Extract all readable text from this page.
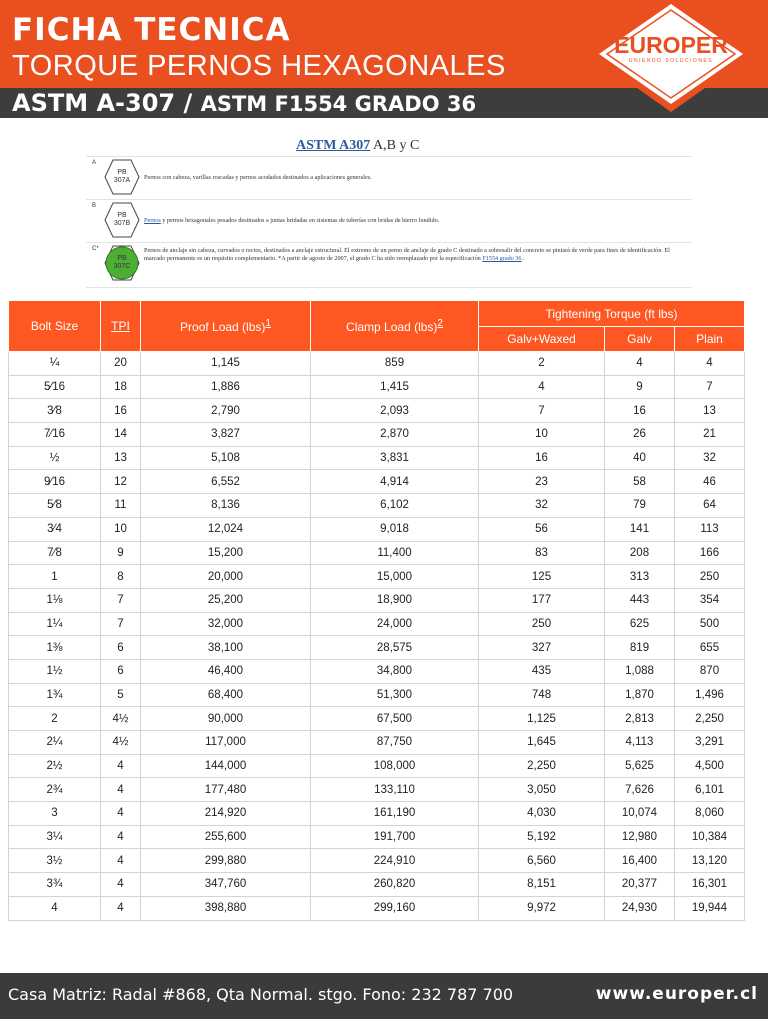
FICHA TECNICA
TORQUE PERNOS HEXAGONALES
ASTM A-307 / ASTM F1554 GRADO 36
EUROPER
UNIENDO SOLUCIONES
ASTM A307 A,B y C
A
PB
307A	Pernos con cabeza, varillas roscadas y pernos acodados destinados a aplicaciones generales.
B
PB
307B	Pernos y pernos hexagonales pesados destinados a juntas bridadas en sistemas de tuberías con bridas de hierro fundido.
C*
PB
307C
Pernos de anclaje sin cabeza, curvados o rectos, destinados a anclaje estructural. El extremo de un perno de anclaje de grado C destinado a sobresalir del concreto se pintará de verde para fines de identificación. El marcado permanente es un requisito complementario. *A partir de agosto de 2007, el grado C ha sido reemplazado por la especificación F1554 grado 36 .
Bolt Size	TPI	Proof Load (lbs)$^1$	Clamp Load (lbs)$^2$	Tightening Torque (ft lbs)		
				Galv+Waxed	Galv	Plain
¼	20	1,145	859	2	4	4
5⁄16	18	1,886	1,415	4	9	7
3⁄8	16	2,790	2,093	7	16	13
7⁄16	14	3,827	2,870	10	26	21
½	13	5,108	3,831	16	40	32
9⁄16	12	6,552	4,914	23	58	46
5⁄8	11	8,136	6,102	32	79	64
3⁄4	10	12,024	9,018	56	141	113
7⁄8	9	15,200	11,400	83	208	166
1	8	20,000	15,000	125	313	250
1⅛	7	25,200	18,900	177	443	354
1¼	7	32,000	24,000	250	625	500
1⅜	6	38,100	28,575	327	819	655
1½	6	46,400	34,800	435	1,088	870
1¾	5	68,400	51,300	748	1,870	1,496
2	4½	90,000	67,500	1,125	2,813	2,250
2¼	4½	117,000	87,750	1,645	4,113	3,291
2½	4	144,000	108,000	2,250	5,625	4,500
2¾	4	177,480	133,110	3,050	7,626	6,101
3	4	214,920	161,190	4,030	10,074	8,060
3¼	4	255,600	191,700	5,192	12,980	10,384
3½	4	299,880	224,910	6,560	16,400	13,120
3¾	4	347,760	260,820	8,151	20,377	16,301
4	4	398,880	299,160	9,972	24,930	19,944
Casa Matriz: Radal #868, Qta Normal. stgo. Fono: 232 787 700	www.europer.cl
